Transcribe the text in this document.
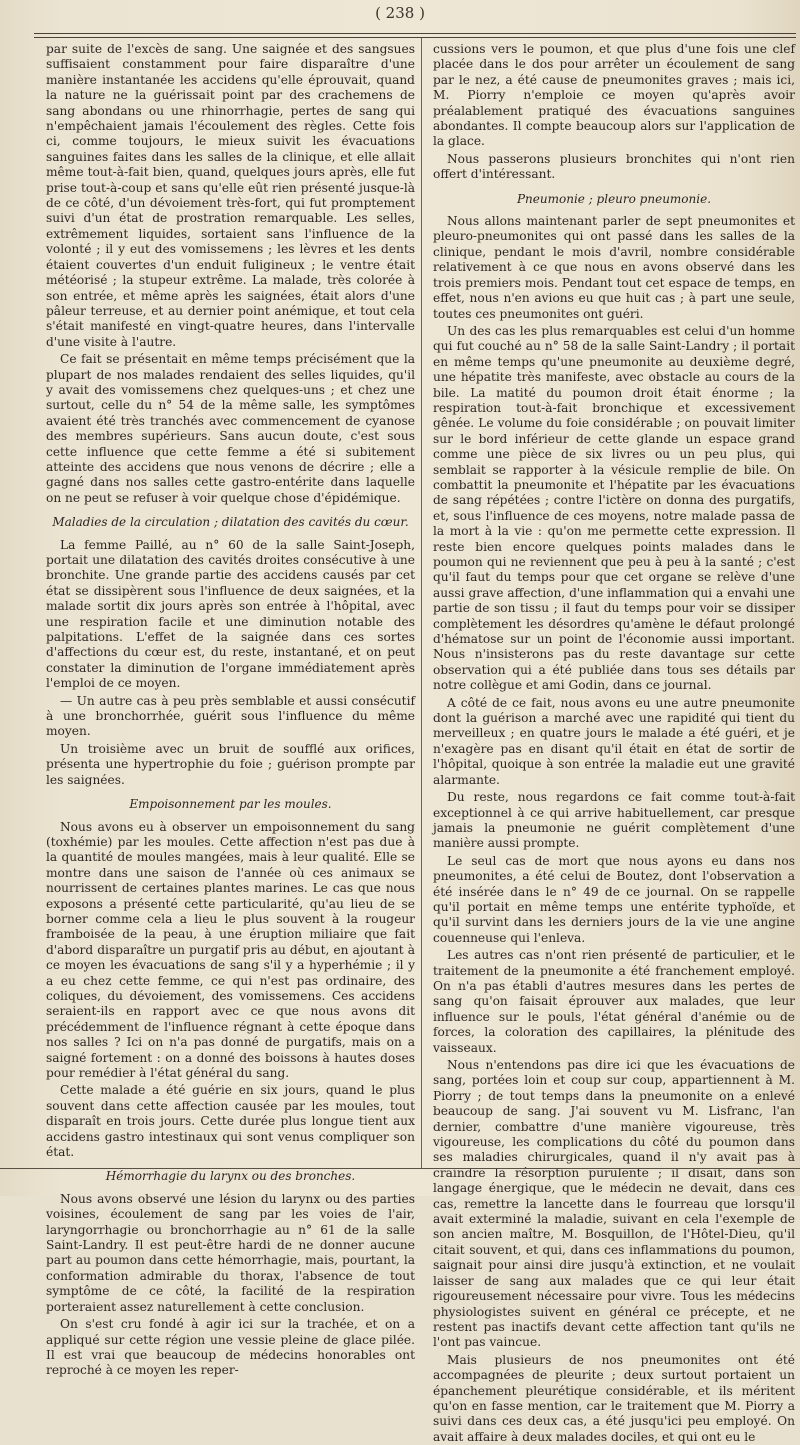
( 238 )

par suite de l'excès de sang. Une saignée et des sangsues suffisaient constamment pour faire disparaître d'une manière instantanée les accidens qu'elle éprouvait, quand la nature ne la guérissait point par des crachemens de sang abondans ou une rhinorrhagie, pertes de sang qui n'empêchaient jamais l'écoulement des règles. Cette fois ci, comme toujours, le mieux suivit les évacuations sanguines faites dans les salles de la clinique, et elle allait même tout-à-fait bien, quand, quelques jours après, elle fut prise tout-à-coup et sans qu'elle eût rien présenté jusque-là de ce côté, d'un dévoiement très-fort, qui fut promptement suivi d'un état de prostration remarquable. Les selles, extrêmement liquides, sortaient sans l'influence de la volonté ; il y eut des vomissemens ; les lèvres et les dents étaient couvertes d'un enduit fuligineux ; le ventre était météorisé ; la stupeur extrême. La malade, très colorée à son entrée, et même après les saignées, était alors d'une pâleur terreuse, et au dernier point anémique, et tout cela s'était manifesté en vingt-quatre heures, dans l'intervalle d'une visite à l'autre.

Ce fait se présentait en même temps précisément que la plupart de nos malades rendaient des selles liquides, qu'il y avait des vomissemens chez quelques-uns ; et chez une surtout, celle du n° 54 de la même salle, les symptômes avaient été très tranchés avec commencement de cyanose des membres supérieurs. Sans aucun doute, c'est sous cette influence que cette femme a été si subitement atteinte des accidens que nous venons de décrire ; elle a gagné dans nos salles cette gastro-entérite dans laquelle on ne peut se refuser à voir quelque chose d'épidémique.

Maladies de la circulation ; dilatation des cavités du cœur.

La femme Paillé, au n° 60 de la salle Saint-Joseph, portait une dilatation des cavités droites consécutive à une bronchite. Une grande partie des accidens causés par cet état se dissipèrent sous l'influence de deux saignées, et la malade sortit dix jours après son entrée à l'hôpital, avec une respiration facile et une diminution notable des palpitations. L'effet de la saignée dans ces sortes d'affections du cœur est, du reste, instantané, et on peut constater la diminution de l'organe immédiatement après l'emploi de ce moyen.

— Un autre cas à peu près semblable et aussi consécutif à une bronchorrhée, guérit sous l'influence du même moyen.

Un troisième avec un bruit de soufflé aux orifices, présenta une hypertrophie du foie ; guérison prompte par les saignées.

Empoisonnement par les moules.

Nous avons eu à observer un empoisonnement du sang (toxhémie) par les moules. Cette affection n'est pas due à la quantité de moules mangées, mais à leur qualité. Elle se montre dans une saison de l'année où ces animaux se nourrissent de certaines plantes marines. Le cas que nous exposons a présenté cette particularité, qu'au lieu de se borner comme cela a lieu le plus souvent à la rougeur framboisée de la peau, à une éruption miliaire que fait d'abord disparaître un purgatif pris au début, en ajoutant à ce moyen les évacuations de sang s'il y a hyperhémie ; il y a eu chez cette femme, ce qui n'est pas ordinaire, des coliques, du dévoiement, des vomissemens. Ces accidens seraient-ils en rapport avec ce que nous avons dit précédemment de l'influence régnant à cette époque dans nos salles ? Ici on n'a pas donné de purgatifs, mais on a saigné fortement : on a donné des boissons à hautes doses pour remédier à l'état général du sang.

Cette malade a été guérie en six jours, quand le plus souvent dans cette affection causée par les moules, tout disparaît en trois jours. Cette durée plus longue tient aux accidens gastro intestinaux qui sont venus compliquer son état.

Hémorrhagie du larynx ou des bronches.

Nous avons observé une lésion du larynx ou des parties voisines, écoulement de sang par les voies de l'air, laryngorrhagie ou bronchorrhagie au n° 61 de la salle Saint-Landry. Il est peut-être hardi de ne donner aucune part au poumon dans cette hémorrhagie, mais, pourtant, la conformation admirable du thorax, l'absence de tout symptôme de ce côté, la facilité de la respiration porteraient assez naturellement à cette conclusion.

On s'est cru fondé à agir ici sur la trachée, et on a appliqué sur cette région une vessie pleine de glace pilée. Il est vrai que beaucoup de médecins honorables ont reproché à ce moyen les reper-

cussions vers le poumon, et que plus d'une fois une clef placée dans le dos pour arrêter un écoulement de sang par le nez, a été cause de pneumonites graves ; mais ici, M. Piorry n'emploie ce moyen qu'après avoir préalablement pratiqué des évacuations sanguines abondantes. Il compte beaucoup alors sur l'application de la glace.

Nous passerons plusieurs bronchites qui n'ont rien offert d'intéressant.

Pneumonie ; pleuro pneumonie.

Nous allons maintenant parler de sept pneumonites et pleuro-pneumonites qui ont passé dans les salles de la clinique, pendant le mois d'avril, nombre considérable relativement à ce que nous en avons observé dans les trois premiers mois. Pendant tout cet espace de temps, en effet, nous n'en avions eu que huit cas ; à part une seule, toutes ces pneumonites ont guéri.

Un des cas les plus remarquables est celui d'un homme qui fut couché au n° 58 de la salle Saint-Landry ; il portait en même temps qu'une pneumonite au deuxième degré, une hépatite très manifeste, avec obstacle au cours de la bile. La matité du poumon droit était énorme ; la respiration tout-à-fait bronchique et excessivement gênée. Le volume du foie considérable ; on pouvait limiter sur le bord inférieur de cette glande un espace grand comme une pièce de six livres ou un peu plus, qui semblait se rapporter à la vésicule remplie de bile. On combattit la pneumonite et l'hépatite par les évacuations de sang répétées ; contre l'ictère on donna des purgatifs, et, sous l'influence de ces moyens, notre malade passa de la mort à la vie : qu'on me permette cette expression. Il reste bien encore quelques points malades dans le poumon qui ne reviennent que peu à peu à la santé ; c'est qu'il faut du temps pour que cet organe se relève d'une aussi grave affection, d'une inflammation qui a envahi une partie de son tissu ; il faut du temps pour voir se dissiper complètement les désordres qu'amène le défaut prolongé d'hématose sur un point de l'économie aussi important. Nous n'insisterons pas du reste davantage sur cette observation qui a été publiée dans tous ses détails par notre collègue et ami Godin, dans ce journal.

A côté de ce fait, nous avons eu une autre pneumonite dont la guérison a marché avec une rapidité qui tient du merveilleux ; en quatre jours le malade a été guéri, et je n'exagère pas en disant qu'il était en état de sortir de l'hôpital, quoique à son entrée la maladie eut une gravité alarmante.

Du reste, nous regardons ce fait comme tout-à-fait exceptionnel à ce qui arrive habituellement, car presque jamais la pneumonie ne guérit complètement d'une manière aussi prompte.

Le seul cas de mort que nous ayons eu dans nos pneumonites, a été celui de Boutez, dont l'observation a été insérée dans le n° 49 de ce journal. On se rappelle qu'il portait en même temps une entérite typhoïde, et qu'il survint dans les derniers jours de la vie une angine couenneuse qui l'enleva.

Les autres cas n'ont rien présenté de particulier, et le traitement de la pneumonite a été franchement employé. On n'a pas établi d'autres mesures dans les pertes de sang qu'on faisait éprouver aux malades, que leur influence sur le pouls, l'état général d'anémie ou de forces, la coloration des capillaires, la plénitude des vaisseaux.

Nous n'entendons pas dire ici que les évacuations de sang, portées loin et coup sur coup, appartiennent à M. Piorry ; de tout temps dans la pneumonite on a enlevé beaucoup de sang. J'ai souvent vu M. Lisfranc, l'an dernier, combattre d'une manière vigoureuse, très vigoureuse, les complications du côté du poumon dans ses maladies chirurgicales, quand il n'y avait pas à craindre la résorption purulente ; il disait, dans son langage énergique, que le médecin ne devait, dans ces cas, remettre la lancette dans le fourreau que lorsqu'il avait exterminé la maladie, suivant en cela l'exemple de son ancien maître, M. Bosquillon, de l'Hôtel-Dieu, qu'il citait souvent, et qui, dans ces inflammations du poumon, saignait pour ainsi dire jusqu'à extinction, et ne voulait laisser de sang aux malades que ce qui leur était rigoureusement nécessaire pour vivre. Tous les médecins physiologistes suivent en général ce précepte, et ne restent pas inactifs devant cette affection tant qu'ils ne l'ont pas vaincue.

Mais plusieurs de nos pneumonites ont été accompagnées de pleurite ; deux surtout portaient un épanchement pleurétique considérable, et ils méritent qu'on en fasse mention, car le traitement que M. Piorry a suivi dans ces deux cas, a été jusqu'ici peu employé. On avait affaire à deux malades dociles, et qui ont eu le
